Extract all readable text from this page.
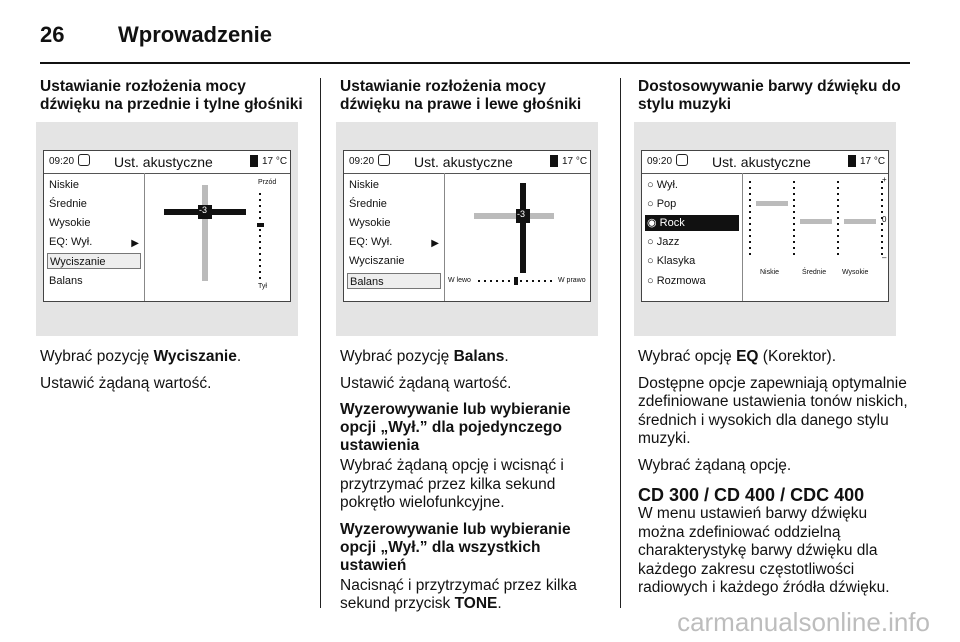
26 Wprowadzenie
Ustawianie rozłożenia mocy dźwięku na przednie i tylne głośniki
09:20	Ust. akustyczne	17 °C
Niskie
Średnie
Wysokie
EQ: Wył.	▶
Wyciszanie
Balans
Przód
Tył
-3

Wybrać pozycję Wyciszanie.

Ustawić żądaną wartość.

Ustawianie rozłożenia mocy dźwięku na prawe i lewe głośniki
09:20	Ust. akustyczne	17 °C
Niskie
Średnie
Wysokie
EQ: Wył.	▶
Wyciszanie
Balans	W lewo	W prawo
-3

Wybrać pozycję Balans.

Ustawić żądaną wartość.

Wyzerowywanie lub wybieranie opcji „Wył.” dla pojedynczego ustawienia

Wybrać żądaną opcję i wcisnąć i przytrzymać przez kilka sekund pokrętło wielofunkcyjne.

Wyzerowywanie lub wybieranie opcji „Wył.” dla wszystkich ustawień

Nacisnąć i przytrzymać przez kilka sekund przycisk TONE.

Dostosowywanie barwy dźwięku do stylu muzyki
09:20	Ust. akustyczne	17 °C
○ Wył.
○ Pop
◉ Rock
○ Jazz
○ Klasyka
○ Rozmowa
+
0
–
Niskie	Średnie Wysokie

Wybrać opcję EQ (Korektor).

Dostępne opcje zapewniają optymalnie zdefiniowane ustawienia tonów niskich, średnich i wysokich dla danego stylu muzyki.

Wybrać żądaną opcję.

CD 300 / CD 400 / CDC 400

W menu ustawień barwy dźwięku można zdefiniować oddzielną charakterystykę barwy dźwięku dla każdego zakresu częstotliwości radiowych i każdego źródła dźwięku.

carmanualsonline.info
